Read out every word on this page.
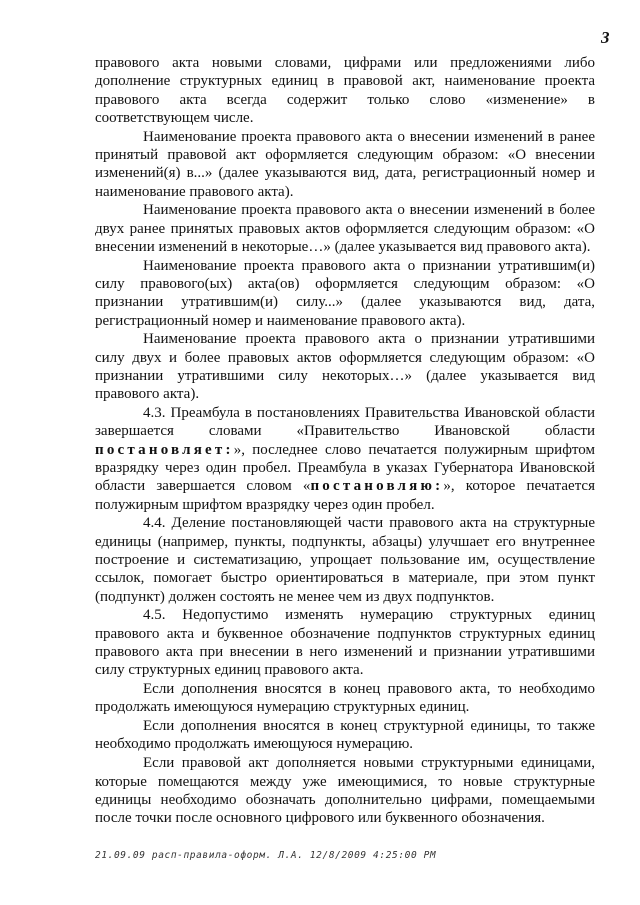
3

правового акта новыми словами, цифрами или предложениями либо дополнение структурных единиц в правовой акт, наименование проекта правового акта всегда содержит только слово «изменение» в соответствующем числе.

Наименование проекта правового акта о внесении изменений в ранее принятый правовой акт оформляется следующим образом: «О внесении изменений(я) в...» (далее указываются вид, дата, регистрационный номер и наименование правового акта).

Наименование проекта правового акта о внесении изменений в более двух ранее принятых правовых актов оформляется следующим образом: «О внесении изменений в некоторые…» (далее указывается вид правового акта).

Наименование проекта правового акта о признании утратившим(и) силу правового(ых) акта(ов) оформляется следующим образом: «О признании утратившим(и) силу...» (далее указываются вид, дата, регистрационный номер и наименование правового акта).

Наименование проекта правового акта о признании утратившими силу двух и более правовых актов оформляется следующим образом: «О признании утратившими силу некоторых…» (далее указывается вид правового акта).

4.3. Преамбула в постановлениях Правительства Ивановской области завершается словами «Правительство Ивановской области постановляет:», последнее слово печатается полужирным шрифтом вразрядку через один пробел. Преамбула в указах Губернатора Ивановской области завершается словом «постановляю:», которое печатается полужирным шрифтом вразрядку через один пробел.

4.4. Деление постановляющей части правового акта на структурные единицы (например, пункты, подпункты, абзацы) улучшает его внутреннее построение и систематизацию, упрощает пользование им, осуществление ссылок, помогает быстро ориентироваться в материале, при этом пункт (подпункт) должен состоять не менее чем из двух подпунктов.

4.5. Недопустимо изменять нумерацию структурных единиц правового акта и буквенное обозначение подпунктов структурных единиц правового акта при внесении в него изменений и признании утратившими силу структурных единиц правового акта.

Если дополнения вносятся в конец правового акта, то необходимо продолжать имеющуюся нумерацию структурных единиц.

Если дополнения вносятся в конец структурной единицы, то также необходимо продолжать имеющуюся нумерацию.

Если правовой акт дополняется новыми структурными единицами, которые помещаются между уже имеющимися, то новые структурные единицы необходимо обозначать дополнительно цифрами, помещаемыми после точки после основного цифрового или буквенного обозначения.

21.09.09 расп-правила-оформ. Л.А. 12/8/2009 4:25:00 PM
